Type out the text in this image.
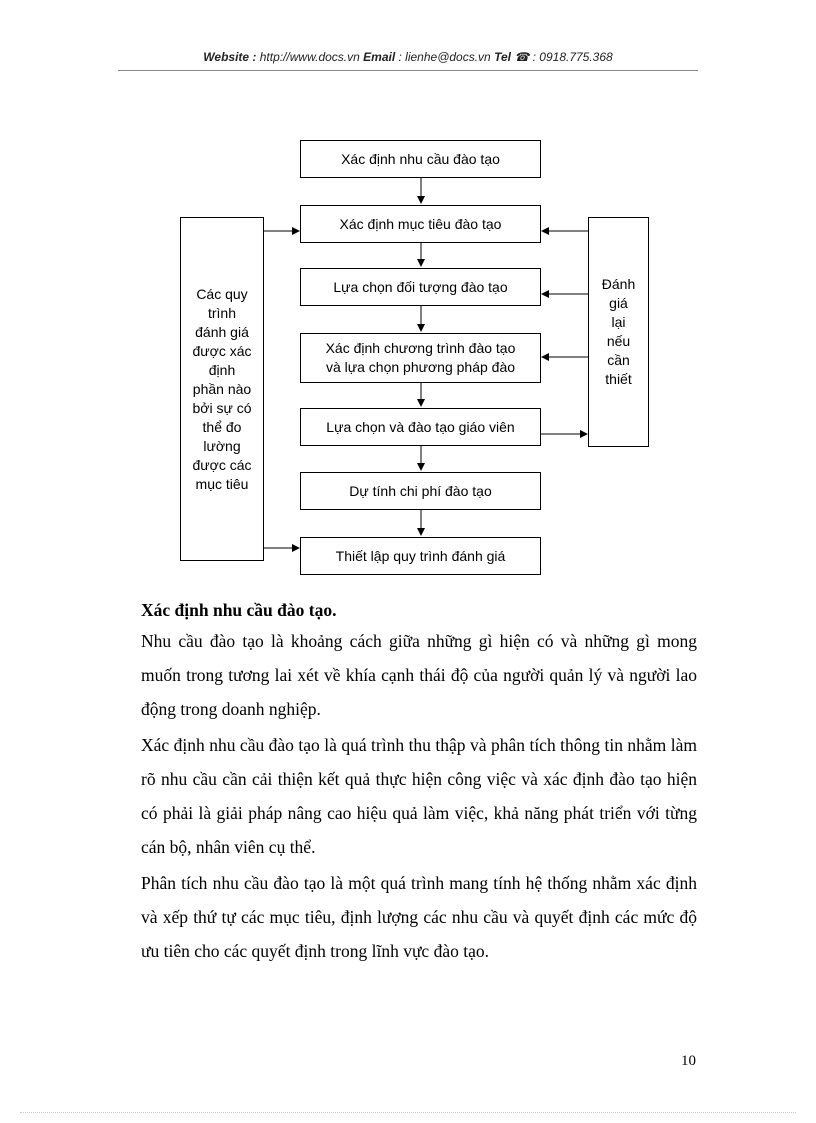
Website : http://www.docs.vn Email : lienhe@docs.vn Tel ☎ : 0918.775.368
Xác định nhu cầu đào tạo
Xác định mục tiêu đào tạo
Lựa chọn đối tượng đào tạo
Xác định chương trình đào tạo
và lựa chọn phương pháp đào
Lựa chọn và đào tạo giáo viên
Dự tính chi phí đào tạo
Thiết lập quy trình đánh giá
Các quy
trình
đánh giá
được xác
định
phần nào
bởi sự có
thể đo
lường
được các
mục tiêu
Đánh
giá
lại
nếu
cần
thiết

Xác định nhu cầu đào tạo.

Nhu cầu đào tạo là khoảng cách giữa những gì hiện có và những gì mong muốn trong tương lai xét về khía cạnh thái độ của người quản lý và người lao động trong doanh nghiệp.

Xác định nhu cầu đào tạo là quá trình thu thập và phân tích thông tin nhằm làm rõ nhu cầu cần cải thiện kết quả thực hiện công việc và xác định đào tạo hiện có phải là giải pháp nâng cao hiệu quả làm việc, khả năng phát triển với từng cán bộ, nhân viên cụ thể.

Phân tích nhu cầu đào tạo là một quá trình mang tính hệ thống nhằm xác định và xếp thứ tự các mục tiêu, định lượng các nhu cầu và quyết định các mức độ ưu tiên cho các quyết định trong lĩnh vực đào tạo.

10
